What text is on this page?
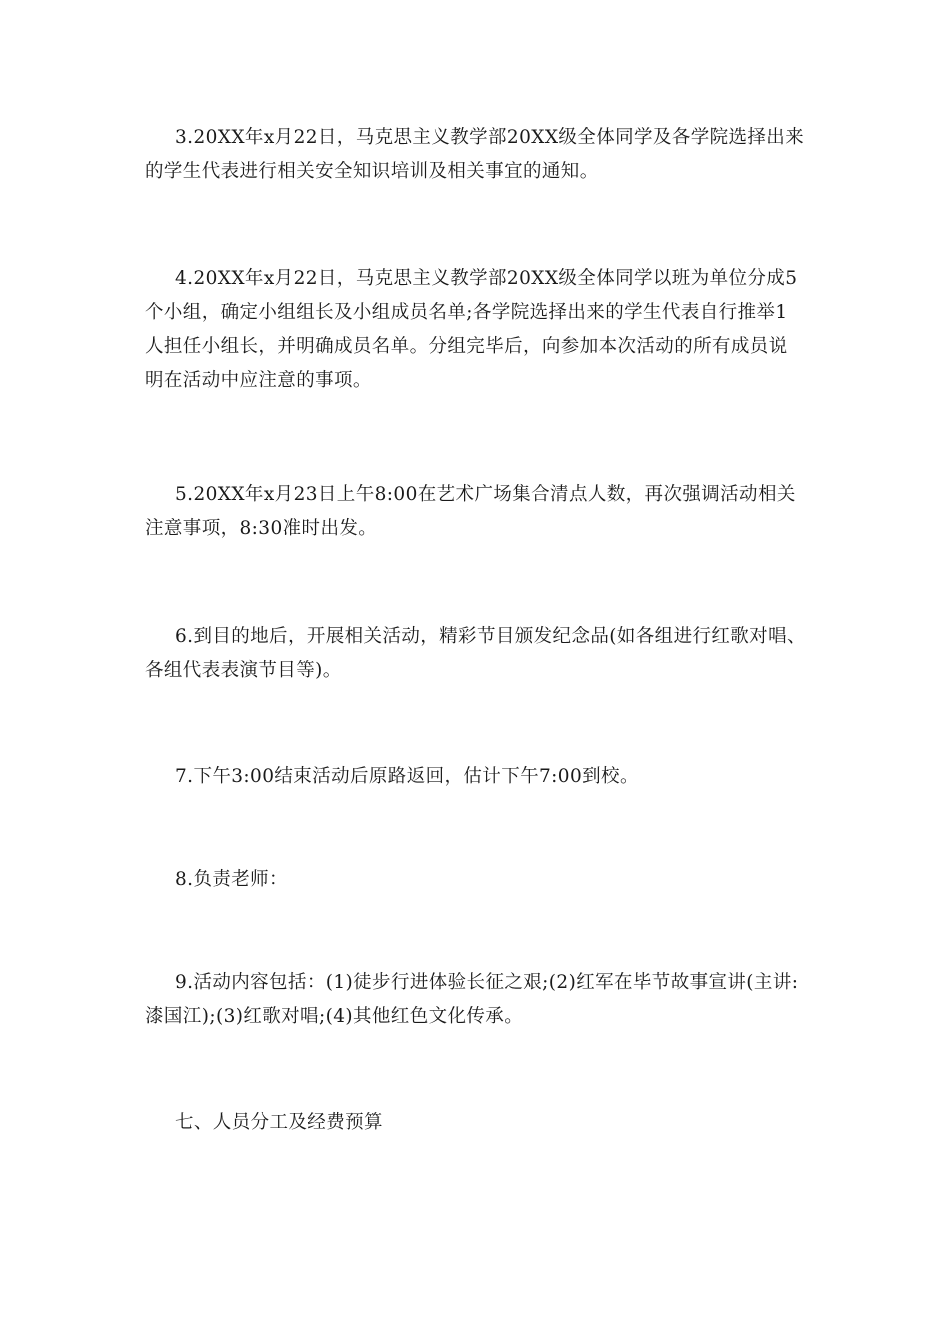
3.20XX年x月22日，马克思主义教学部20XX级全体同学及各学院选择出来
的学生代表进行相关安全知识培训及相关事宜的通知。
4.20XX年x月22日，马克思主义教学部20XX级全体同学以班为单位分成5
个小组，确定小组组长及小组成员名单;各学院选择出来的学生代表自行推举1
人担任小组长，并明确成员名单。分组完毕后，向参加本次活动的所有成员说
明在活动中应注意的事项。
5.20XX年x月23日上午8:00在艺术广场集合清点人数，再次强调活动相关
注意事项，8:30准时出发。
6.到目的地后，开展相关活动，精彩节目颁发纪念品(如各组进行红歌对唱、
各组代表表演节目等)。
7.下午3:00结束活动后原路返回，估计下午7:00到校。
8.负责老师：
9.活动内容包括：(1)徒步行进体验长征之艰;(2)红军在毕节故事宣讲(主讲:
漆国江);(3)红歌对唱;(4)其他红色文化传承。
七、人员分工及经费预算
